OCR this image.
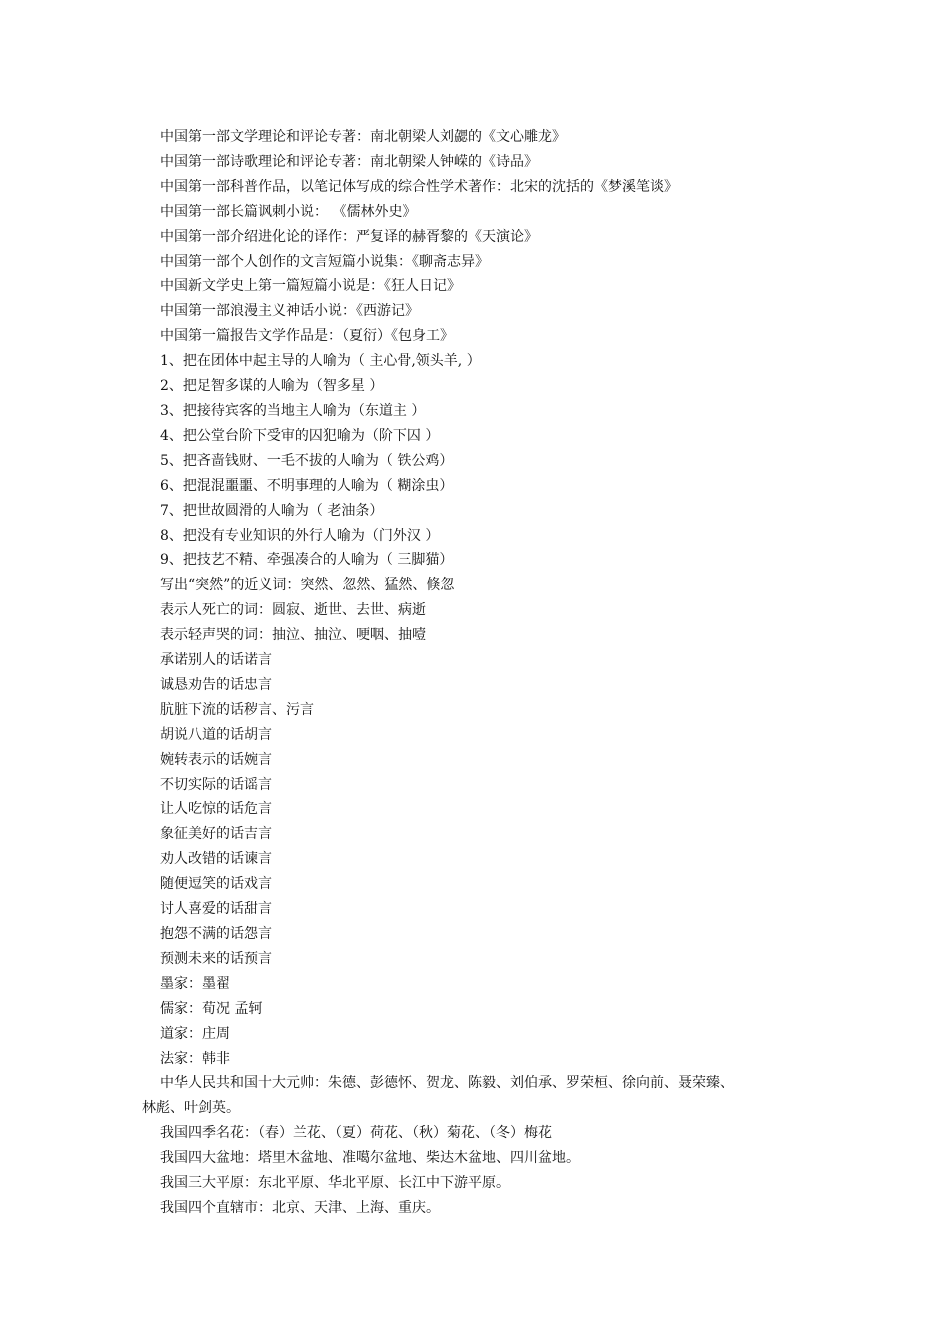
中国第一部文学理论和评论专著：南北朝梁人刘勰的《文心雕龙》
中国第一部诗歌理论和评论专著：南北朝梁人钟嵘的《诗品》
中国第一部科普作品，以笔记体写成的综合性学术著作：北宋的沈括的《梦溪笔谈》
中国第一部长篇讽刺小说： 《儒林外史》
中国第一部介绍进化论的译作：严复译的赫胥黎的《天演论》
中国第一部个人创作的文言短篇小说集：《聊斋志异》
中国新文学史上第一篇短篇小说是：《狂人日记》
中国第一部浪漫主义神话小说：《西游记》
中国第一篇报告文学作品是：（夏衍）《包身工》
1、把在团体中起主导的人喻为（ 主心骨,领头羊, ）
2、把足智多谋的人喻为（智多星 ）
3、把接待宾客的当地主人喻为（东道主 ）
4、把公堂台阶下受审的囚犯喻为（阶下囚 ）
5、把吝啬钱财、一毛不拔的人喻为（ 铁公鸡）
6、把混混噩噩、不明事理的人喻为（ 糊涂虫）
7、把世故圆滑的人喻为（ 老油条）
8、把没有专业知识的外行人喻为（门外汉 ）
9、把技艺不精、牵强凑合的人喻为（ 三脚猫）
写出“突然”的近义词：突然、忽然、猛然、倏忽
表示人死亡的词：圆寂、逝世、去世、病逝
表示轻声哭的词：抽泣、抽泣、哽咽、抽噎
承诺别人的话诺言
诚恳劝告的话忠言
肮脏下流的话秽言、污言
胡说八道的话胡言
婉转表示的话婉言
不切实际的话谣言
让人吃惊的话危言
象征美好的话吉言
劝人改错的话谏言
随便逗笑的话戏言
讨人喜爱的话甜言
抱怨不满的话怨言
预测未来的话预言
墨家：墨翟
儒家：荀况 孟轲
道家：庄周
法家：韩非
中华人民共和国十大元帅：朱德、彭德怀、贺龙、陈毅、刘伯承、罗荣桓、徐向前、聂荣臻、
林彪、叶剑英。
我国四季名花：（春）兰花、（夏）荷花、（秋）菊花、（冬）梅花
我国四大盆地：塔里木盆地、准噶尔盆地、柴达木盆地、四川盆地。
我国三大平原：东北平原、华北平原、长江中下游平原。
我国四个直辖市：北京、天津、上海、重庆。
